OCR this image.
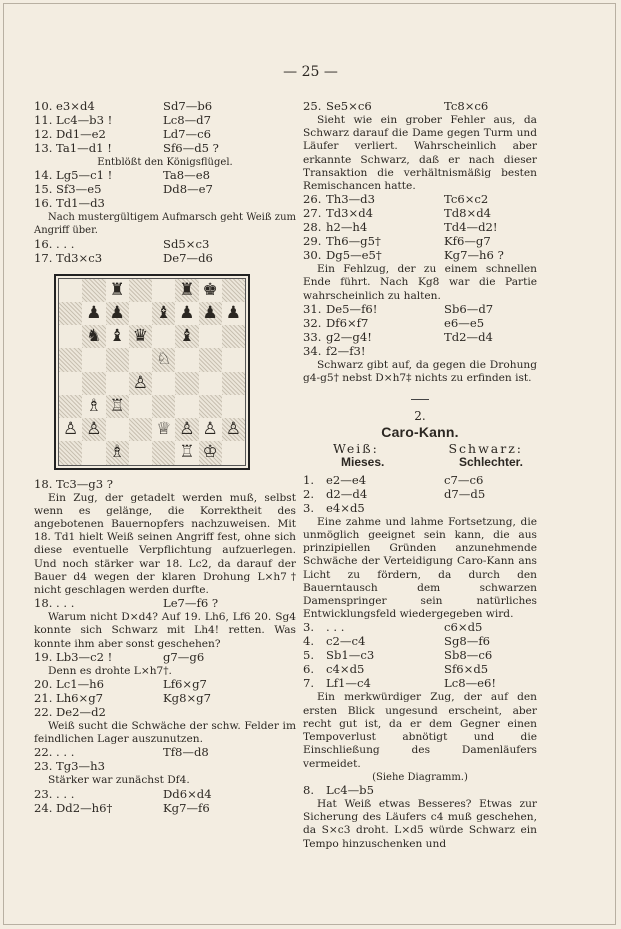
— 25 —
10. e3×d4	Sd7—b6
11. Lc4—b3 !	Lc8—d7
12. Dd1—e2	Ld7—c6
13. Ta1—d1 !	Sf6—d5 ?

Entblößt den Königsflügel.

14. Lg5—c1 !	Ta8—e8
15. Sf3—e5	Dd8—e7
16. Td1—d3

Nach mustergültigem Aufmarsch geht Weiß zum Angriff über.

16. . . .	Sd5×c3
17. Td3×c3	De7—d6
♜	♜ ♚
♟ ♟ ♝ ♟ ♟ ♟
♞ ♝ ♛ ♝
♘
♙
♗ ♖
♙ ♙	♕ ♙ ♙ ♙
♗	♖ ♔
18. Tc3—g3 ?

Ein Zug, der getadelt werden muß, selbst wenn es gelänge, die Korrektheit des angebotenen Bauernopfers nachzuweisen. Mit 18. Td1 hielt Weiß seinen Angriff fest, ohne sich diese eventuelle Verpflichtung aufzuerlegen. Und noch stärker war 18. Lc2, da darauf der Bauer d4 wegen der klaren Drohung L×h7† nicht geschlagen werden durfte.

18. . . .	Le7—f6 ?

Warum nicht D×d4? Auf 19. Lh6, Lf6 20. Sg4 konnte sich Schwarz mit Lh4! retten. Was konnte ihm aber sonst geschehen?

19. Lb3—c2 !	g7—g6

Denn es drohte L×h7†.

20. Lc1—h6	Lf6×g7
21. Lh6×g7	Kg8×g7
22. De2—d2

Weiß sucht die Schwäche der schw. Felder im feindlichen Lager auszunutzen.

22. . . .	Tf8—d8
23. Tg3—h3

Stärker war zunächst Df4.

23. . . .	Dd6×d4
24. Dd2—h6†	Kg7—f6
25. Se5×c6	Tc8×c6

Sieht wie ein grober Fehler aus, da Schwarz darauf die Dame gegen Turm und Läufer verliert. Wahrscheinlich aber erkannte Schwarz, daß er nach dieser Transaktion die verhältnismäßig besten Remischancen hatte.

26. Th3—d3	Tc6×c2
27. Td3×d4	Td8×d4
28. h2—h4	Td4—d2!
29. Th6—g5†	Kf6—g7
30. Dg5—e5†	Kg7—h6 ?

Ein Fehlzug, der zu einem schnellen Ende führt. Nach Kg8 war die Partie wahrscheinlich zu halten.

31. De5—f6!	Sb6—d7
32. Df6×f7	e6—e5
33. g2—g4!	Td2—d4
34. f2—f3!

Schwarz gibt auf, da gegen die Drohung g4-g5† nebst D×h7‡ nichts zu erfinden ist.

2.

Caro-Kann.

Weiß:	Schwarz:
Mieses.	Schlechter.
1.	e2—e4	c7—c6
2.	d2—d4	d7—d5
3.	e4×d5

Eine zahme und lahme Fortsetzung, die unmöglich geeignet sein kann, die aus prinzipiellen Gründen anzunehmende Schwäche der Verteidigung Caro-Kann ans Licht zu fördern, da durch den Bauerntausch dem schwarzen Damenspringer sein natürliches Entwicklungsfeld wiedergegeben wird.

3.	. . .	c6×d5
4.	c2—c4	Sg8—f6
5.	Sb1—c3	Sb8—c6
6.	c4×d5	Sf6×d5
7.	Lf1—c4	Lc8—e6!

Ein merkwürdiger Zug, der auf den ersten Blick ungesund erscheint, aber recht gut ist, da er dem Gegner einen Tempoverlust abnötigt und die Einschließung des Damenläufers vermeidet.

(Siehe Diagramm.)

8.	Lc4—b5

Hat Weiß etwas Besseres? Etwas zur Sicherung des Läufers c4 muß geschehen, da S×c3 droht. L×d5 würde Schwarz ein Tempo hinzuschenken und
